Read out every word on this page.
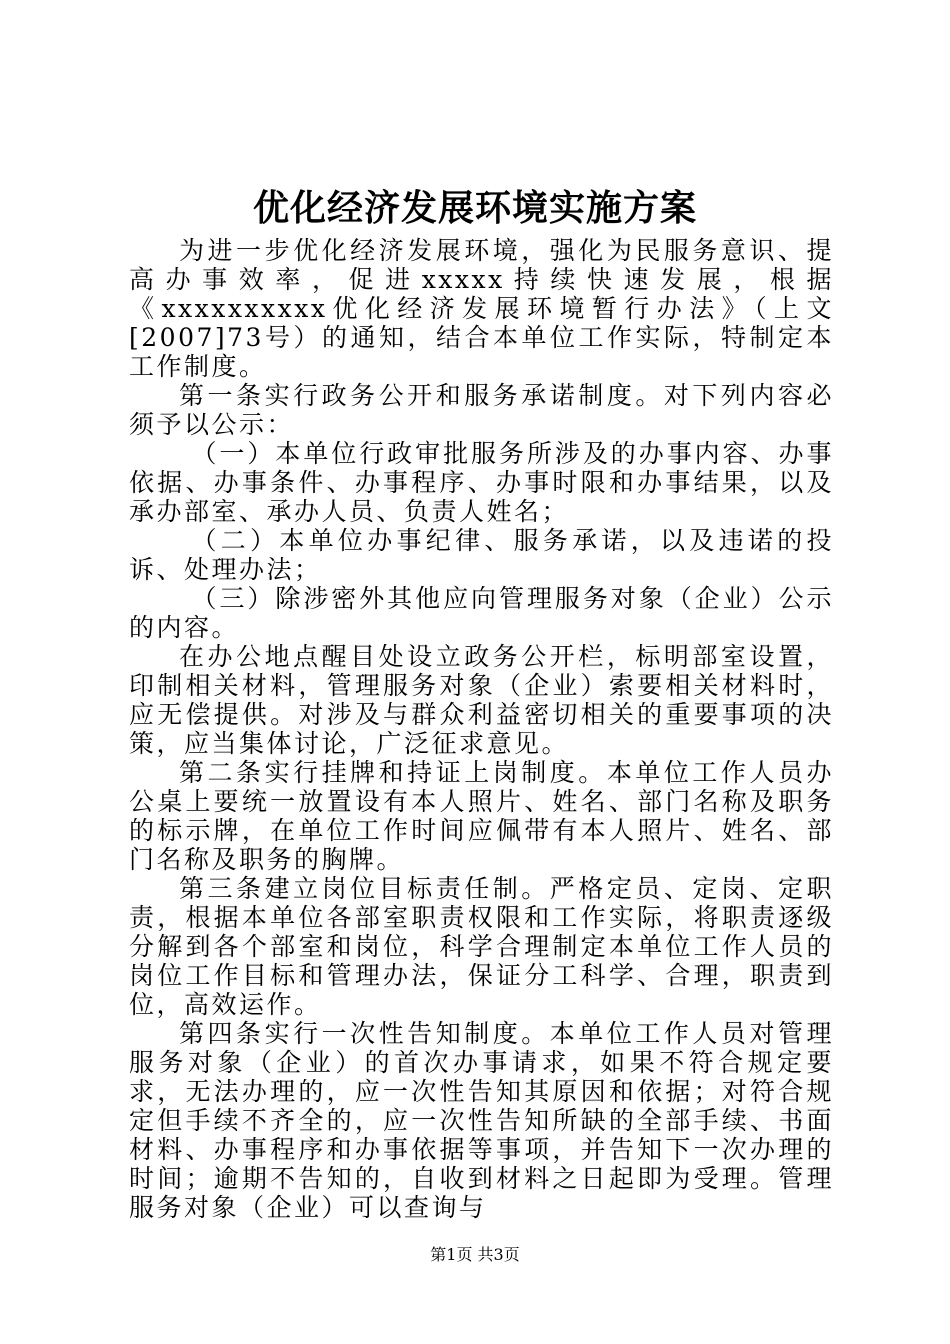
优化经济发展环境实施方案

为进一步优化经济发展环境，强化为民服务意识、提高办事效率，促进xxxxx持续快速发展，根据《xxxxxxxxxx优化经济发展环境暂行办法》（上文[2007]73号）的通知，结合本单位工作实际，特制定本工作制度。

第一条实行政务公开和服务承诺制度。对下列内容必须予以公示：

（一）本单位行政审批服务所涉及的办事内容、办事依据、办事条件、办事程序、办事时限和办事结果，以及承办部室、承办人员、负责人姓名；

（二）本单位办事纪律、服务承诺，以及违诺的投诉、处理办法；

（三）除涉密外其他应向管理服务对象（企业）公示的内容。

在办公地点醒目处设立政务公开栏，标明部室设置，印制相关材料，管理服务对象（企业）索要相关材料时，应无偿提供。对涉及与群众利益密切相关的重要事项的决策，应当集体讨论，广泛征求意见。

第二条实行挂牌和持证上岗制度。本单位工作人员办公桌上要统一放置设有本人照片、姓名、部门名称及职务的标示牌，在单位工作时间应佩带有本人照片、姓名、部门名称及职务的胸牌。

第三条建立岗位目标责任制。严格定员、定岗、定职责，根据本单位各部室职责权限和工作实际，将职责逐级分解到各个部室和岗位，科学合理制定本单位工作人员的岗位工作目标和管理办法，保证分工科学、合理，职责到位，高效运作。

第四条实行一次性告知制度。本单位工作人员对管理服务对象（企业）的首次办事请求，如果不符合规定要求，无法办理的，应一次性告知其原因和依据；对符合规定但手续不齐全的，应一次性告知所缺的全部手续、书面材料、办事程序和办事依据等事项，并告知下一次办理的时间；逾期不告知的，自收到材料之日起即为受理。管理服务对象（企业）可以查询与

第1页 共3页
